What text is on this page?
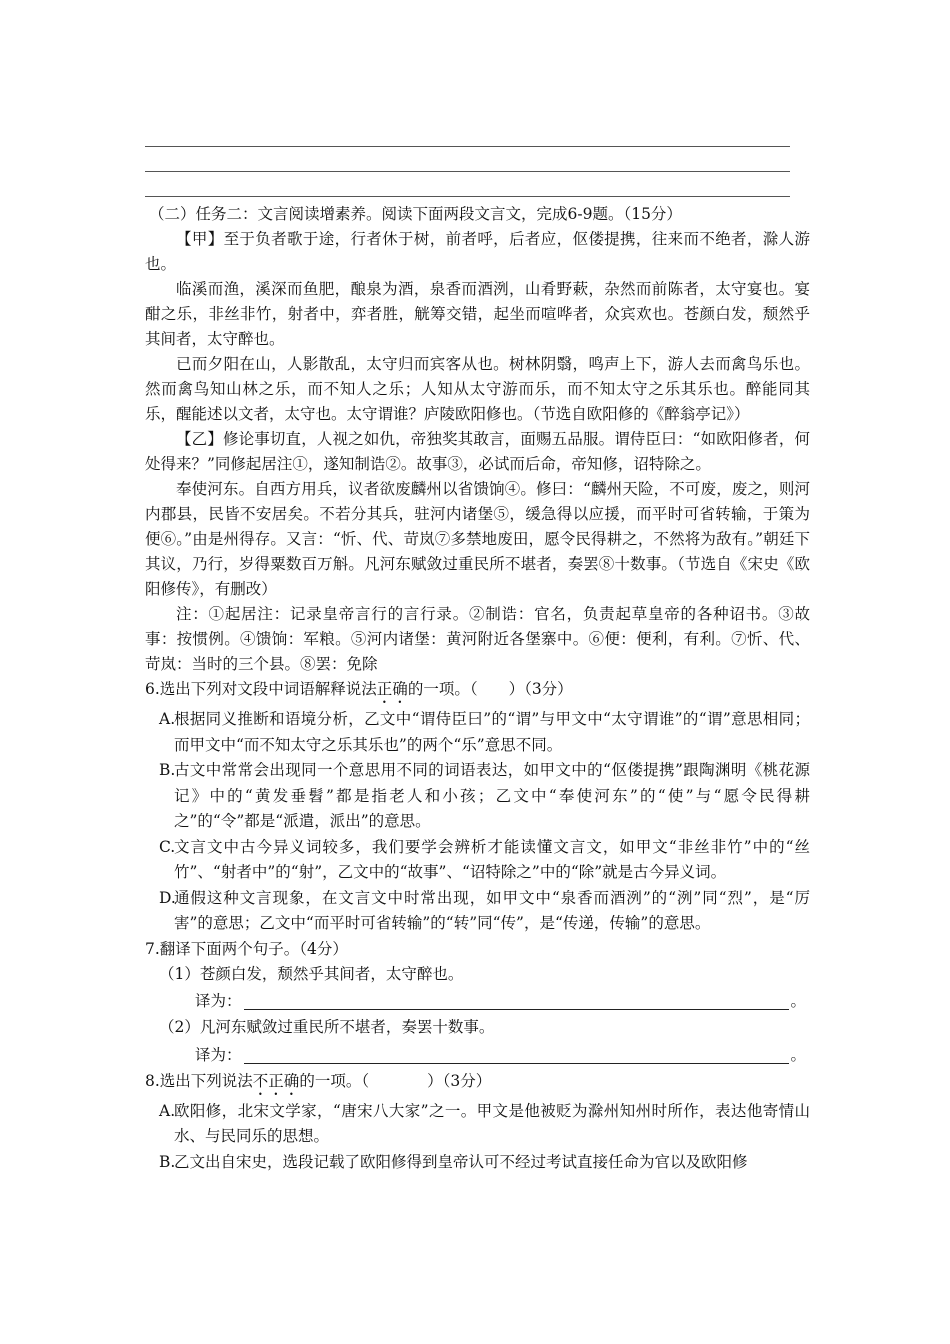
（二）任务二：文言阅读增素养。阅读下面两段文言文，完成6-9题。（15分）

【甲】至于负者歌于途，行者休于树，前者呼，后者应，伛偻提携，往来而不绝者，滁人游也。

临溪而渔，溪深而鱼肥，酿泉为酒，泉香而酒洌，山肴野蔌，杂然而前陈者，太守宴也。宴酣之乐，非丝非竹，射者中，弈者胜，觥筹交错，起坐而喧哗者，众宾欢也。苍颜白发，颓然乎其间者，太守醉也。

已而夕阳在山，人影散乱，太守归而宾客从也。树林阴翳，鸣声上下，游人去而禽鸟乐也。然而禽鸟知山林之乐，而不知人之乐；人知从太守游而乐，而不知太守之乐其乐也。醉能同其乐，醒能述以文者，太守也。太守谓谁？庐陵欧阳修也。（节选自欧阳修的《醉翁亭记》）

【乙】修论事切直，人视之如仇，帝独奖其敢言，面赐五品服。谓侍臣曰：“如欧阳修者，何处得来？”同修起居注①，遂知制诰②。故事③，必试而后命，帝知修，诏特除之。

奉使河东。自西方用兵，议者欲废麟州以省馈饷④。修曰：“麟州天险，不可废，废之，则河内郡县，民皆不安居矣。不若分其兵，驻河内诸堡⑤，缓急得以应援，而平时可省转输，于策为便⑥。”由是州得存。又言：“忻、代、苛岚⑦多禁地废田，愿令民得耕之，不然将为敌有。”朝廷下其议，乃行，岁得粟数百万斛。凡河东赋敛过重民所不堪者，奏罢⑧十数事。（节选自《宋史《欧阳修传》，有删改）

注：①起居注：记录皇帝言行的言行录。②制诰：官名，负责起草皇帝的各种诏书。③故事：按惯例。④馈饷：军粮。⑤河内诸堡：黄河附近各堡寨中。⑥便：便利，有利。⑦忻、代、苛岚：当时的三个县。⑧罢：免除

6.选出下列对文段中词语解释说法正确的一项。（　　）（3分）

A.
根据同义推断和语境分析，乙文中“谓侍臣曰”的“谓”与甲文中“太守谓谁”的“谓”意思相同；而甲文中“而不知太守之乐其乐也”的两个“乐”意思不同。
B.
古文中常常会出现同一个意思用不同的词语表达，如甲文中的“伛偻提携”跟陶渊明《桃花源记》中的“黄发垂髫”都是指老人和小孩；乙文中“奉使河东”的“使”与“愿令民得耕之”的“令”都是“派遣，派出”的意思。
C.
文言文中古今异义词较多，我们要学会辨析才能读懂文言文，如甲文“非丝非竹”中的“丝竹”、“射者中”的“射”，乙文中的“故事”、“诏特除之”中的“除”就是古今异义词。
D.
通假这种文言现象，在文言文中时常出现，如甲文中“泉香而酒洌”的“洌”同“烈”，是“厉害”的意思；乙文中“而平时可省转输”的“转”同“传”，是“传递，传输”的意思。

7.翻译下面两个句子。（4分）

（1）苍颜白发，颓然乎其间者，太守醉也。

译为：	。

（2）凡河东赋敛过重民所不堪者，奏罢十数事。

译为：	。

8.选出下列说法不正确的一项。（	）（3分）

A.
欧阳修，北宋文学家，“唐宋八大家”之一。甲文是他被贬为滁州知州时所作，表达他寄情山水、与民同乐的思想。
B.
乙文出自宋史，选段记载了欧阳修得到皇帝认可不经过考试直接任命为官以及欧阳修
